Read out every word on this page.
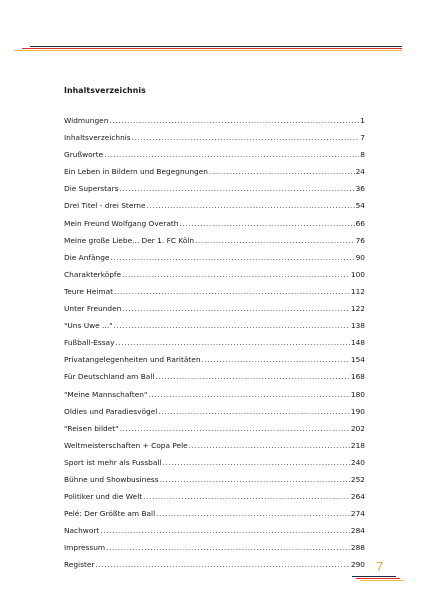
Inhaltsverzeichnis
Widmungen .....	1
Inhaltsverzeichnis .....	7
Grußworte .....	8
Ein Leben in Bildern und Begegnungen .....	24
Die Superstars .....	36
Drei Titel - drei Sterne .....	54
Mein Freund Wolfgang Overath .....	66
Meine große Liebe... Der 1. FC Köln .....	76
Die Anfänge .....	90
Charakterköpfe .....	100
Teure Heimat .....	112
Unter Freunden .....	122
"Uns Uwe ..." .....	138
Fußball-Essay .....	148
Privatangelegenheiten und Raritäten .....	154
Für Deutschland am Ball .....	168
"Meine Mannschaften" .....	180
Oldies und Paradiesvögel .....	190
"Reisen bildet" .....	202
Weltmeisterschaften + Copa Pele .....	218
Sport ist mehr als Fussball .....	240
Bühne und Showbusiness .....	252
Politiker und die Welt .....	264
Pelé: Der Größte am Ball .....	274
Nachwort .....	284
Impressum .....	288
Register .....	290 7
